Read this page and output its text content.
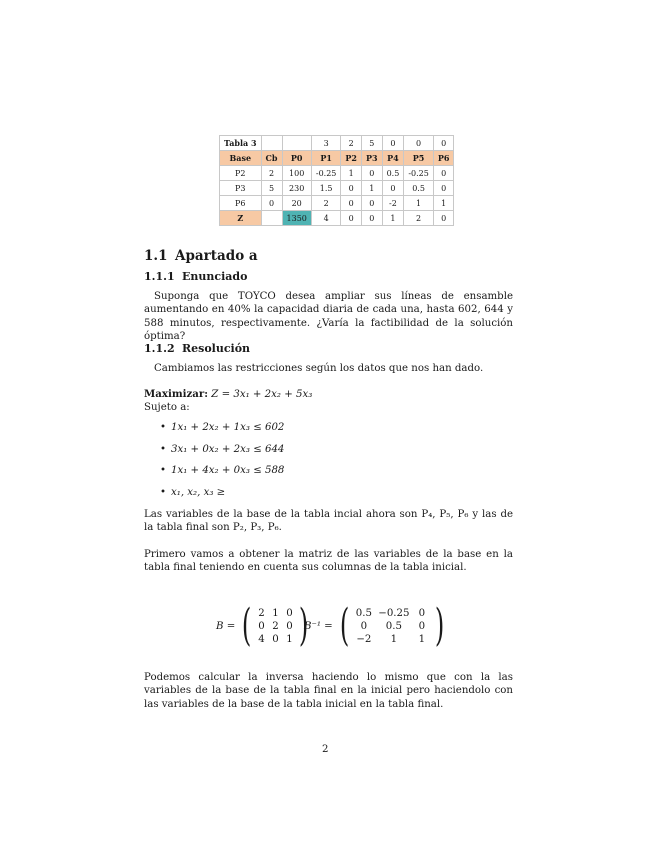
Tabla 3			3	2	5	0	0	0
Base	Cb	P0	P1	P2	P3	P4	P5	P6
P2	2	100	-0.25	1	0	0.5	-0.25	0
P3	5	230	1.5	0	1	0	0.5	0
P6	0	20	2	0	0	-2	1	1
Z		1350	4	0	0	1	2	0
1.1 Apartado a
1.1.1 Enunciado
Suponga que TOYCO desea ampliar sus líneas de ensamble aumentando en 40% la capacidad diaria de cada una, hasta 602, 644 y 588 minutos, respectivamente. ¿Varía la factibilidad de la solución óptima?
1.1.2 Resolución
Cambiamos las restricciones según los datos que nos han dado.
Maximizar: Z = 3x₁ + 2x₂ + 5x₃
Sujeto a:
• 1x₁ + 2x₂ + 1x₃ ≤ 602
• 3x₁ + 0x₂ + 2x₃ ≤ 644
• 1x₁ + 4x₂ + 0x₃ ≤ 588
• x₁, x₂, x₃ ≥
Las variables de la base de la tabla incial ahora son P₄, P₅, P₆ y las de la tabla final son P₂, P₃, P₆.
Primero vamos a obtener la matriz de las variables de la base en la tabla final teniendo en cuenta sus columnas de la tabla inicial.
B = ( 2 1 0
0 2 0
4 0 1 )
B⁻¹ = ( 0.5 −0.25 0
0	0.5	0
−2	1	1 )
Podemos calcular la inversa haciendo lo mismo que con la las variables de la base de la tabla final en la inicial pero haciendolo con las variables de la base de la tabla inicial en la tabla final.
2
